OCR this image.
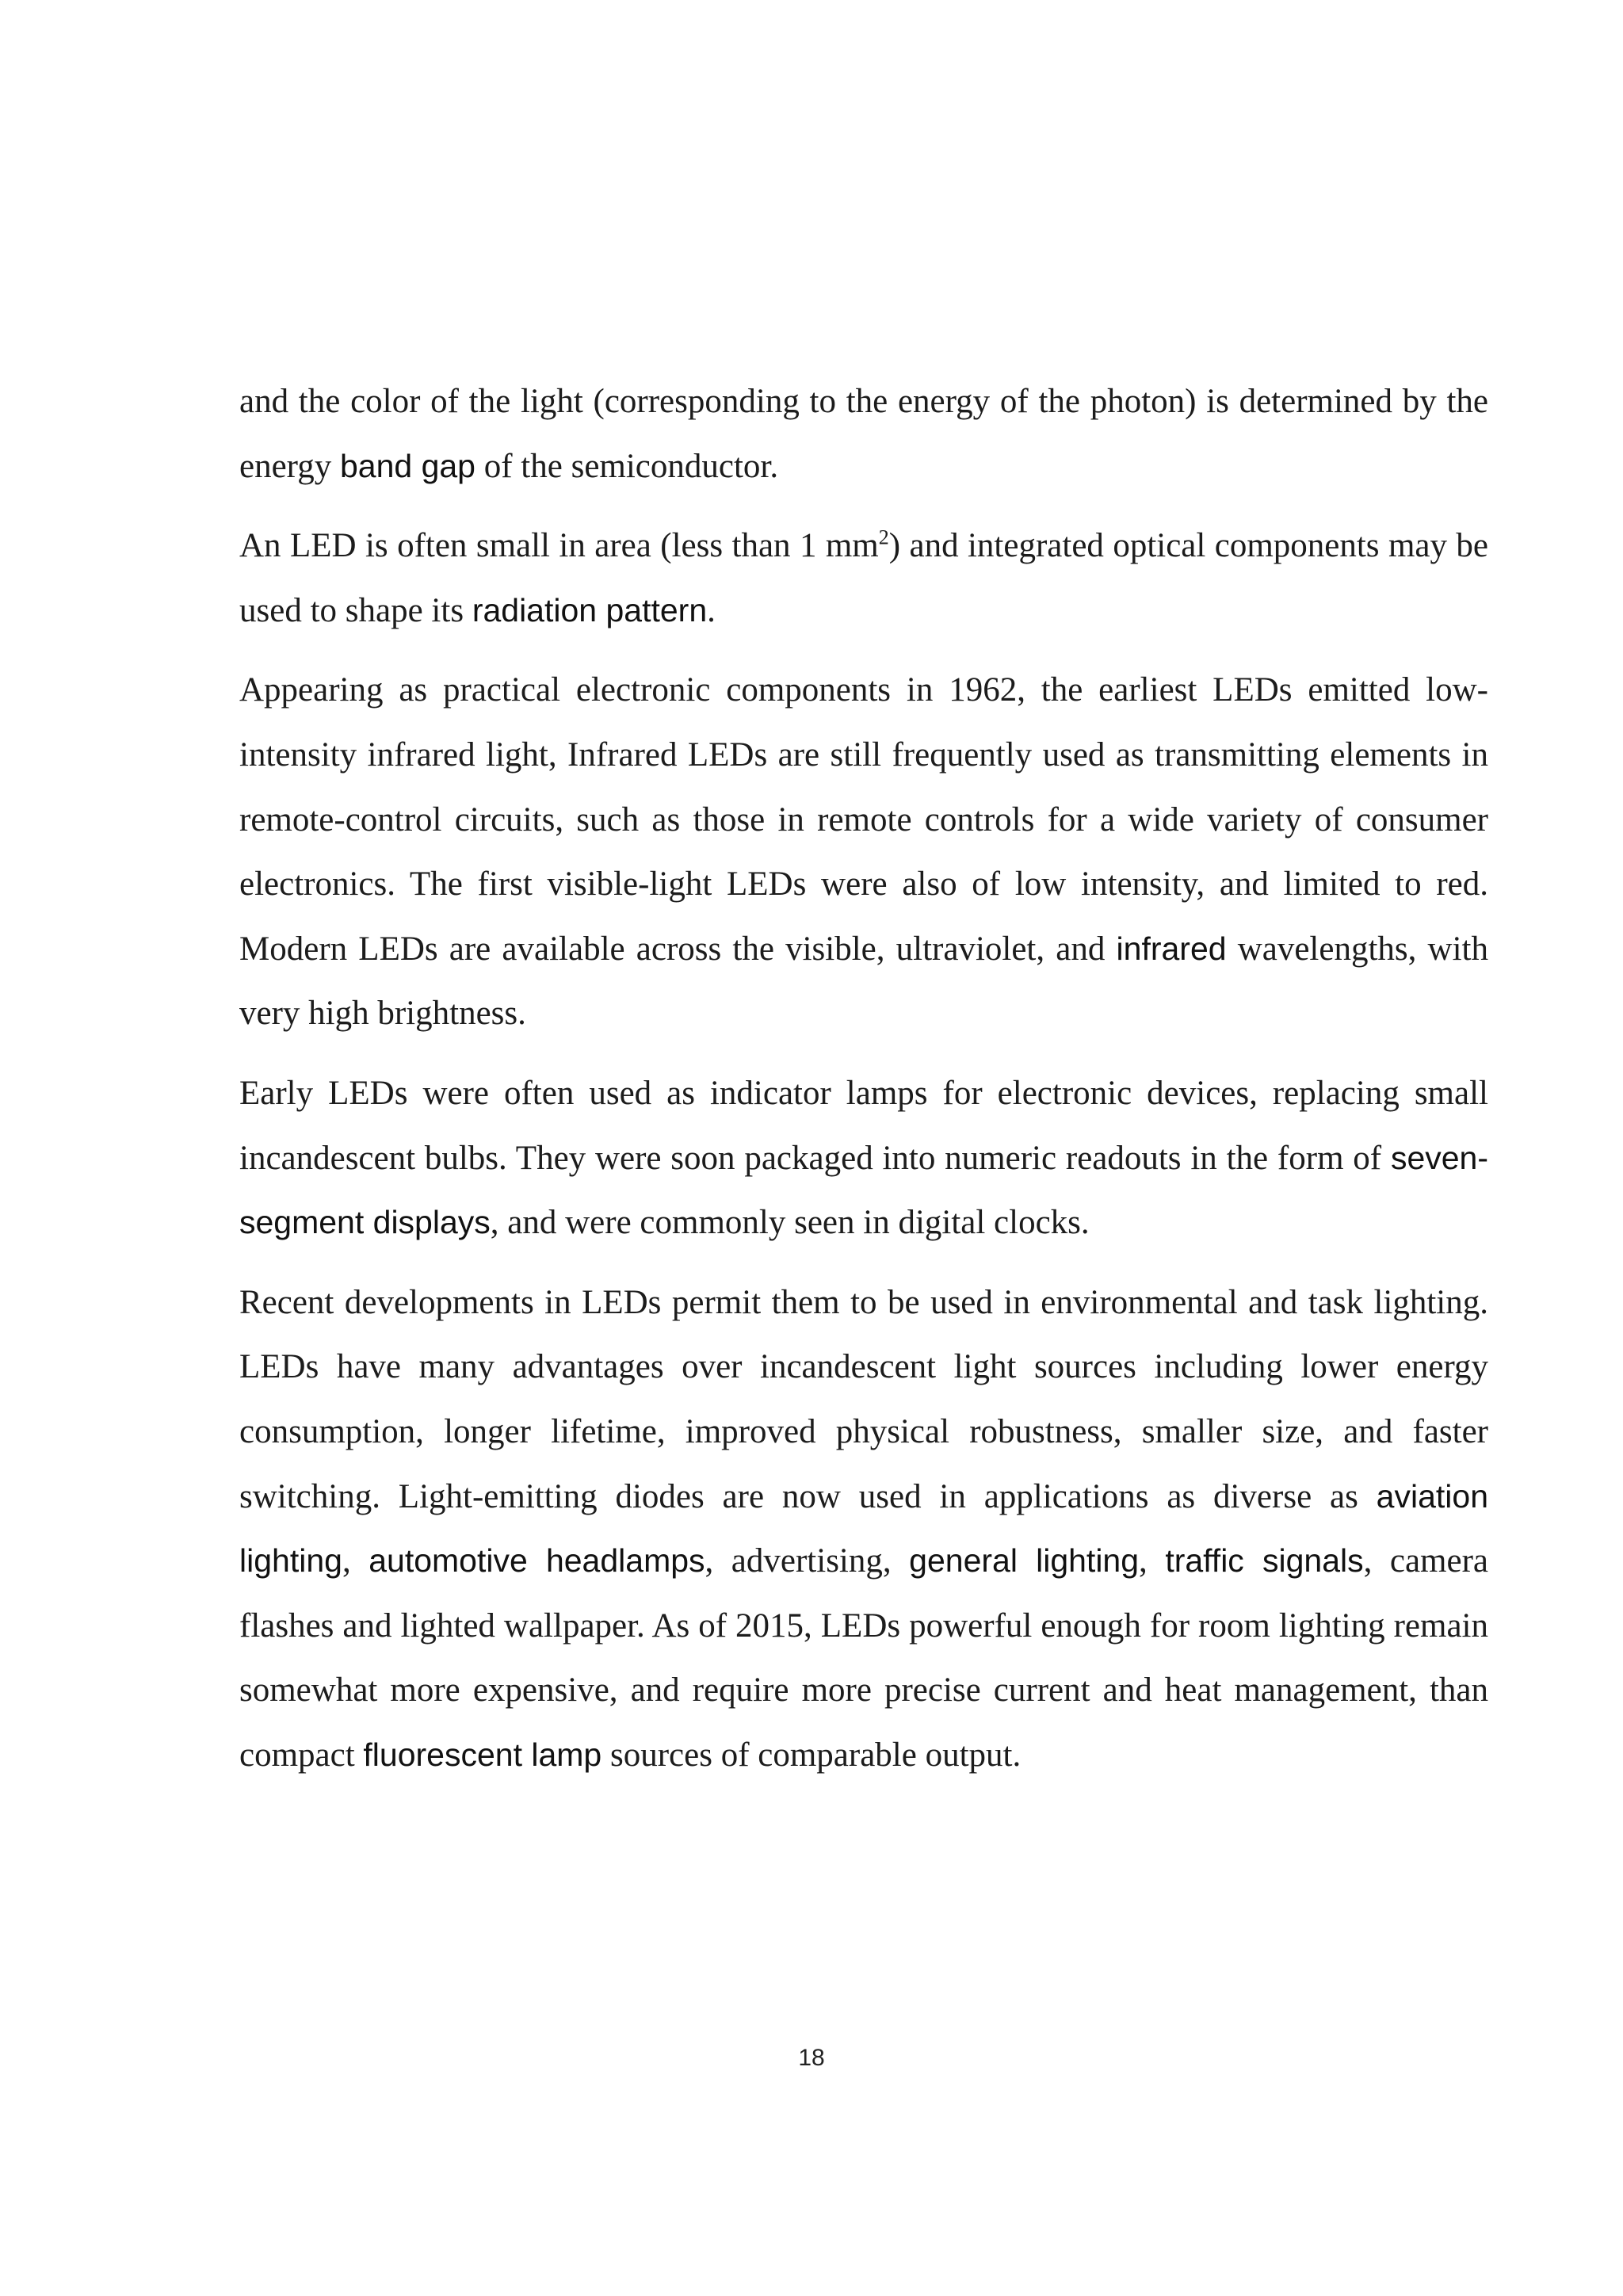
and the color of the light (corresponding to the energy of the photon) is determined by the energy band gap of the semiconductor.

An LED is often small in area (less than 1 $mm^2$) and integrated optical components may be used to shape its radiation pattern.

Appearing as practical electronic components in 1962, the earliest LEDs emitted low-intensity infrared light, Infrared LEDs are still frequently used as transmitting elements in remote-control circuits, such as those in remote controls for a wide variety of consumer electronics. The first visible-light LEDs were also of low intensity, and limited to red. Modern LEDs are available across the visible, ultraviolet, and infrared wavelengths, with very high brightness.

Early LEDs were often used as indicator lamps for electronic devices, replacing small incandescent bulbs. They were soon packaged into numeric readouts in the form of seven-segment displays, and were commonly seen in digital clocks.

Recent developments in LEDs permit them to be used in environmental and task lighting. LEDs have many advantages over incandescent light sources including lower energy consumption, longer lifetime, improved physical robustness, smaller size, and faster switching. Light-emitting diodes are now used in applications as diverse as aviation lighting, automotive headlamps, advertising, general lighting, traffic signals, camera flashes and lighted wallpaper. As of 2015, LEDs powerful enough for room lighting remain somewhat more expensive, and require more precise current and heat management, than compact fluorescent lamp sources of comparable output.

18
